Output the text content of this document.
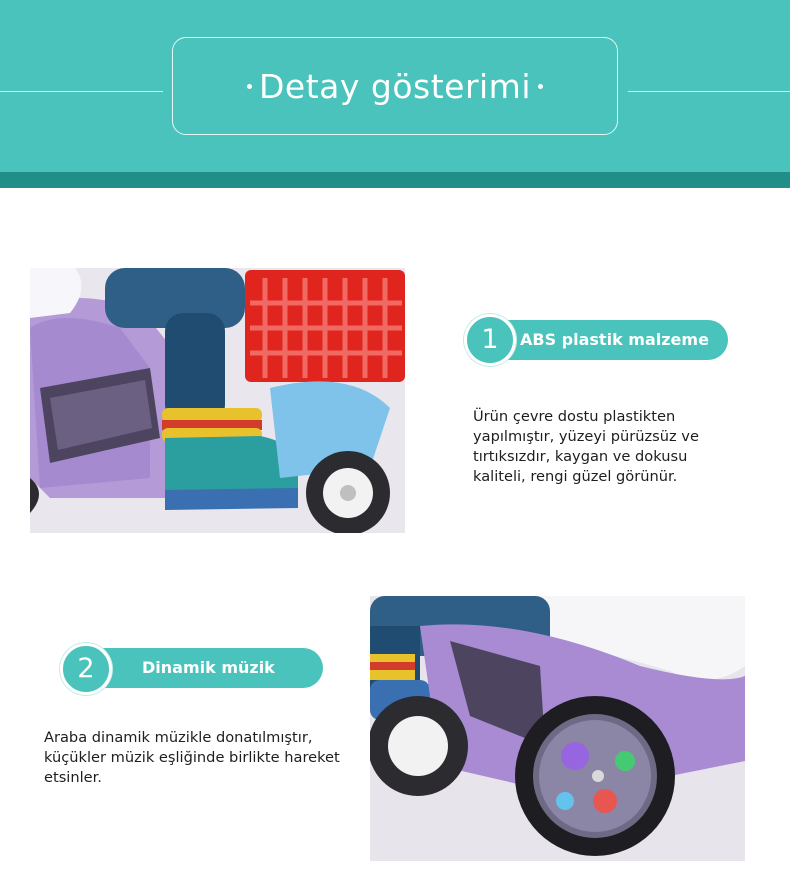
Detay gösterimi
ABS plastik malzeme
1
Ürün çevre dostu plastikten yapılmıştır, yüzeyi pürüzsüz ve tırtıksızdır, kaygan ve dokusu kaliteli, rengi güzel görünür.
Dinamik müzik
2
Araba dinamik müzikle donatılmıştır, küçükler müzik eşliğinde birlikte hareket etsinler.
